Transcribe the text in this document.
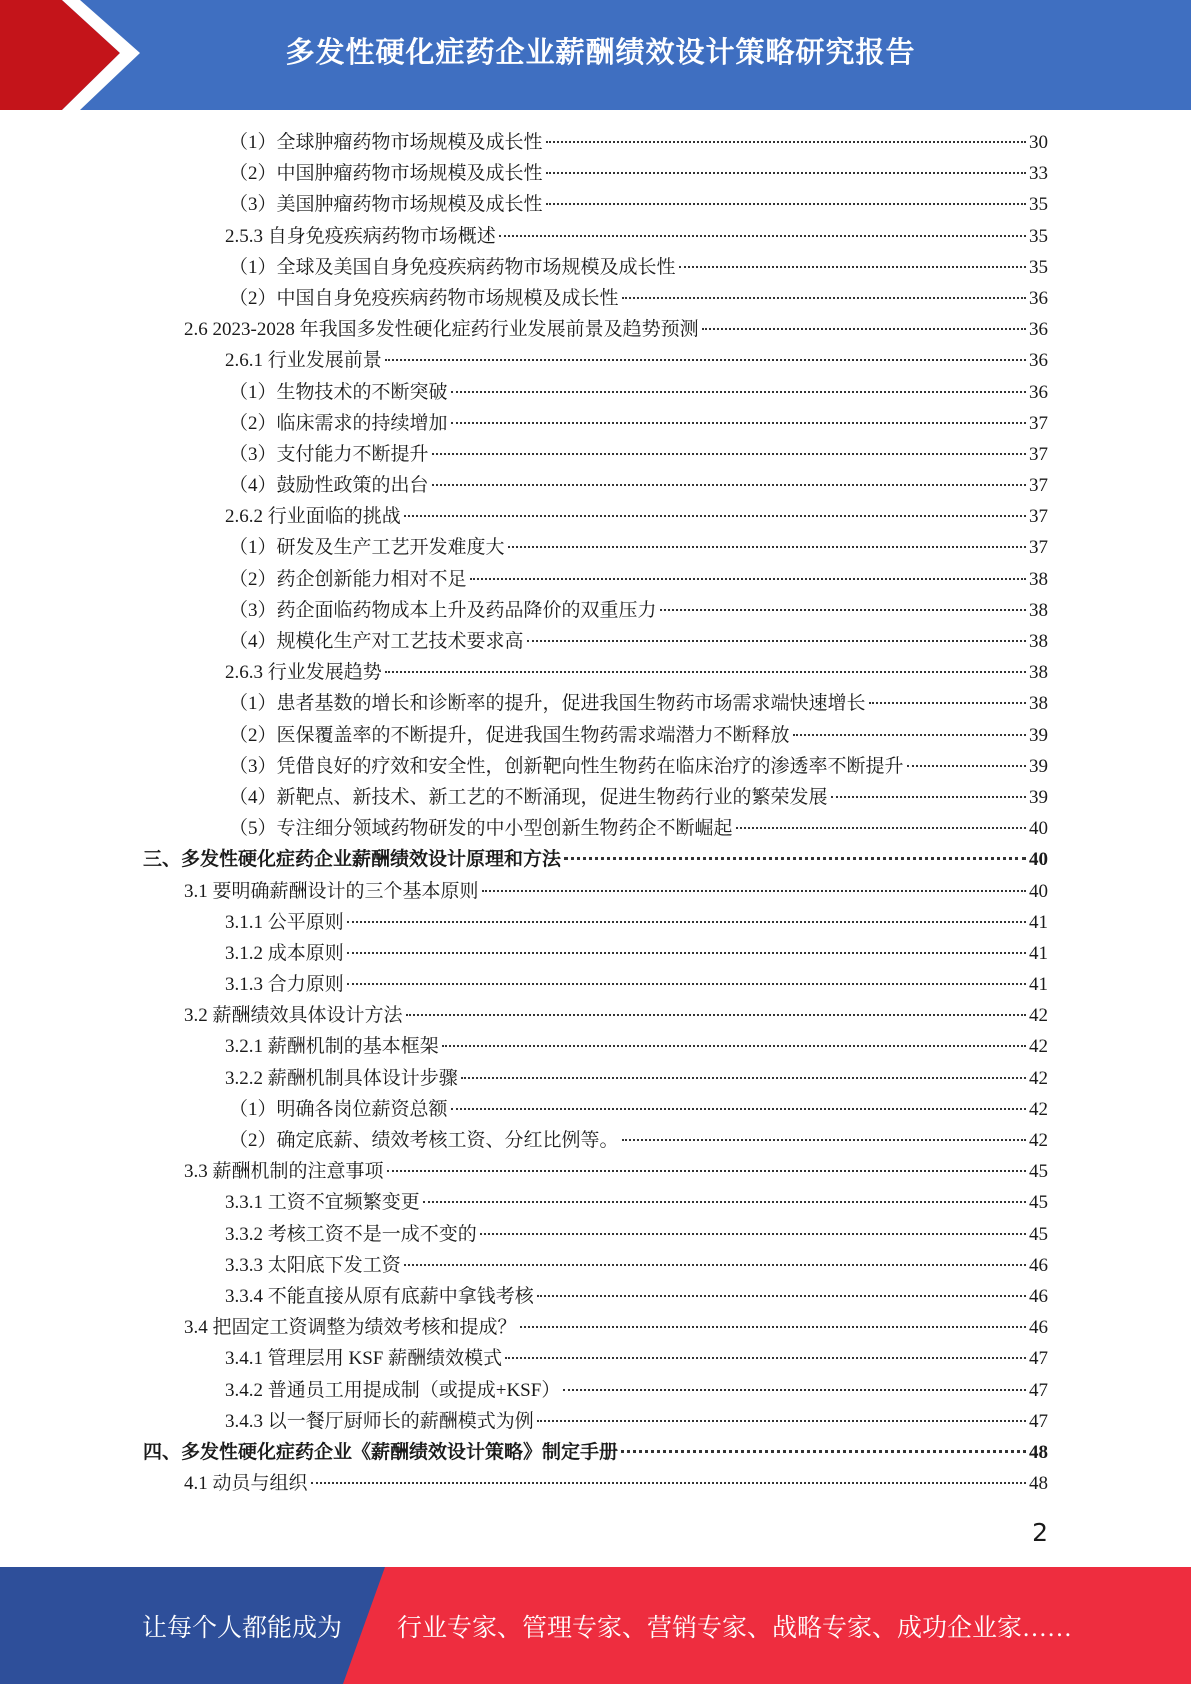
多发性硬化症药企业薪酬绩效设计策略研究报告
（1）全球肿瘤药物市场规模及成长性	30
（2）中国肿瘤药物市场规模及成长性	33
（3）美国肿瘤药物市场规模及成长性	35
2.5.3 自身免疫疾病药物市场概述	35
（1）全球及美国自身免疫疾病药物市场规模及成长性	35
（2）中国自身免疫疾病药物市场规模及成长性	36
2.6 2023-2028 年我国多发性硬化症药行业发展前景及趋势预测	36
2.6.1 行业发展前景	36
（1）生物技术的不断突破	36
（2）临床需求的持续增加	37
（3）支付能力不断提升	37
（4）鼓励性政策的出台	37
2.6.2 行业面临的挑战	37
（1）研发及生产工艺开发难度大	37
（2）药企创新能力相对不足	38
（3）药企面临药物成本上升及药品降价的双重压力	38
（4）规模化生产对工艺技术要求高	38
2.6.3 行业发展趋势	38
（1）患者基数的增长和诊断率的提升，促进我国生物药市场需求端快速增长	38
（2）医保覆盖率的不断提升，促进我国生物药需求端潜力不断释放	39
（3）凭借良好的疗效和安全性，创新靶向性生物药在临床治疗的渗透率不断提升	39
（4）新靶点、新技术、新工艺的不断涌现，促进生物药行业的繁荣发展	39
（5）专注细分领域药物研发的中小型创新生物药企不断崛起	40
三、多发性硬化症药企业薪酬绩效设计原理和方法	40
3.1 要明确薪酬设计的三个基本原则	40
3.1.1 公平原则	41
3.1.2 成本原则	41
3.1.3 合力原则	41
3.2 薪酬绩效具体设计方法	42
3.2.1 薪酬机制的基本框架	42
3.2.2 薪酬机制具体设计步骤	42
（1）明确各岗位薪资总额	42
（2）确定底薪、绩效考核工资、分红比例等。	42
3.3 薪酬机制的注意事项	45
3.3.1 工资不宜频繁变更	45
3.3.2 考核工资不是一成不变的	45
3.3.3 太阳底下发工资	46
3.3.4 不能直接从原有底薪中拿钱考核	46
3.4 把固定工资调整为绩效考核和提成？	46
3.4.1 管理层用 KSF 薪酬绩效模式	47
3.4.2 普通员工用提成制（或提成+KSF）	47
3.4.3 以一餐厅厨师长的薪酬模式为例	47
四、多发性硬化症药企业《薪酬绩效设计策略》制定手册	48
4.1 动员与组织	48
2
让每个人都能成为 行业专家、管理专家、营销专家、战略专家、成功企业家……
